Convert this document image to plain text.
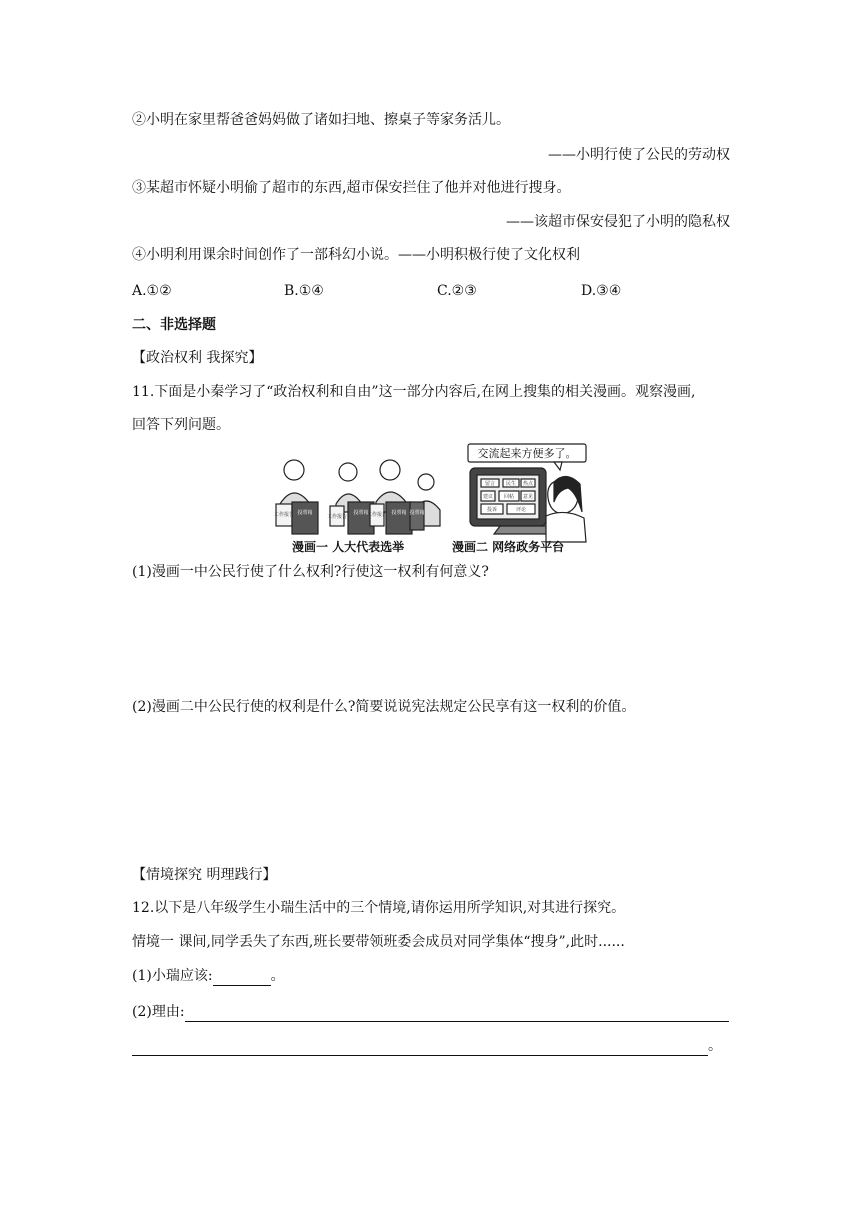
②小明在家里帮爸爸妈妈做了诸如扫地、擦桌子等家务活儿。
——小明行使了公民的劳动权
③某超市怀疑小明偷了超市的东西,超市保安拦住了他并对他进行搜身。
——该超市保安侵犯了小明的隐私权
④小明利用课余时间创作了一部科幻小说。——小明积极行使了文化权利
A.①②	B.①④	C.②③	D.③④
二、非选择题
【政治权利 我探究】
11.下面是小秦学习了“政治权利和自由”这一部分内容后,在网上搜集的相关漫画。观察漫画,
回答下列问题。
交流起来方便多了。
投票箱	投票箱	投票箱 投票箱
工作报告	工作报告	工作报告
留言 民生
建议 回帖
热点
意见
投诉	评论
漫画一 人大代表选举	漫画二 网络政务平台
(1)漫画一中公民行使了什么权利?行使这一权利有何意义?
(2)漫画二中公民行使的权利是什么?简要说说宪法规定公民享有这一权利的价值。
【情境探究 明理践行】
12.以下是八年级学生小瑞生活中的三个情境,请你运用所学知识,对其进行探究。
情境一 课间,同学丢失了东西,班长要带领班委会成员对同学集体“搜身”,此时......
(1)小瑞应该:	。
(2)理由:
。
